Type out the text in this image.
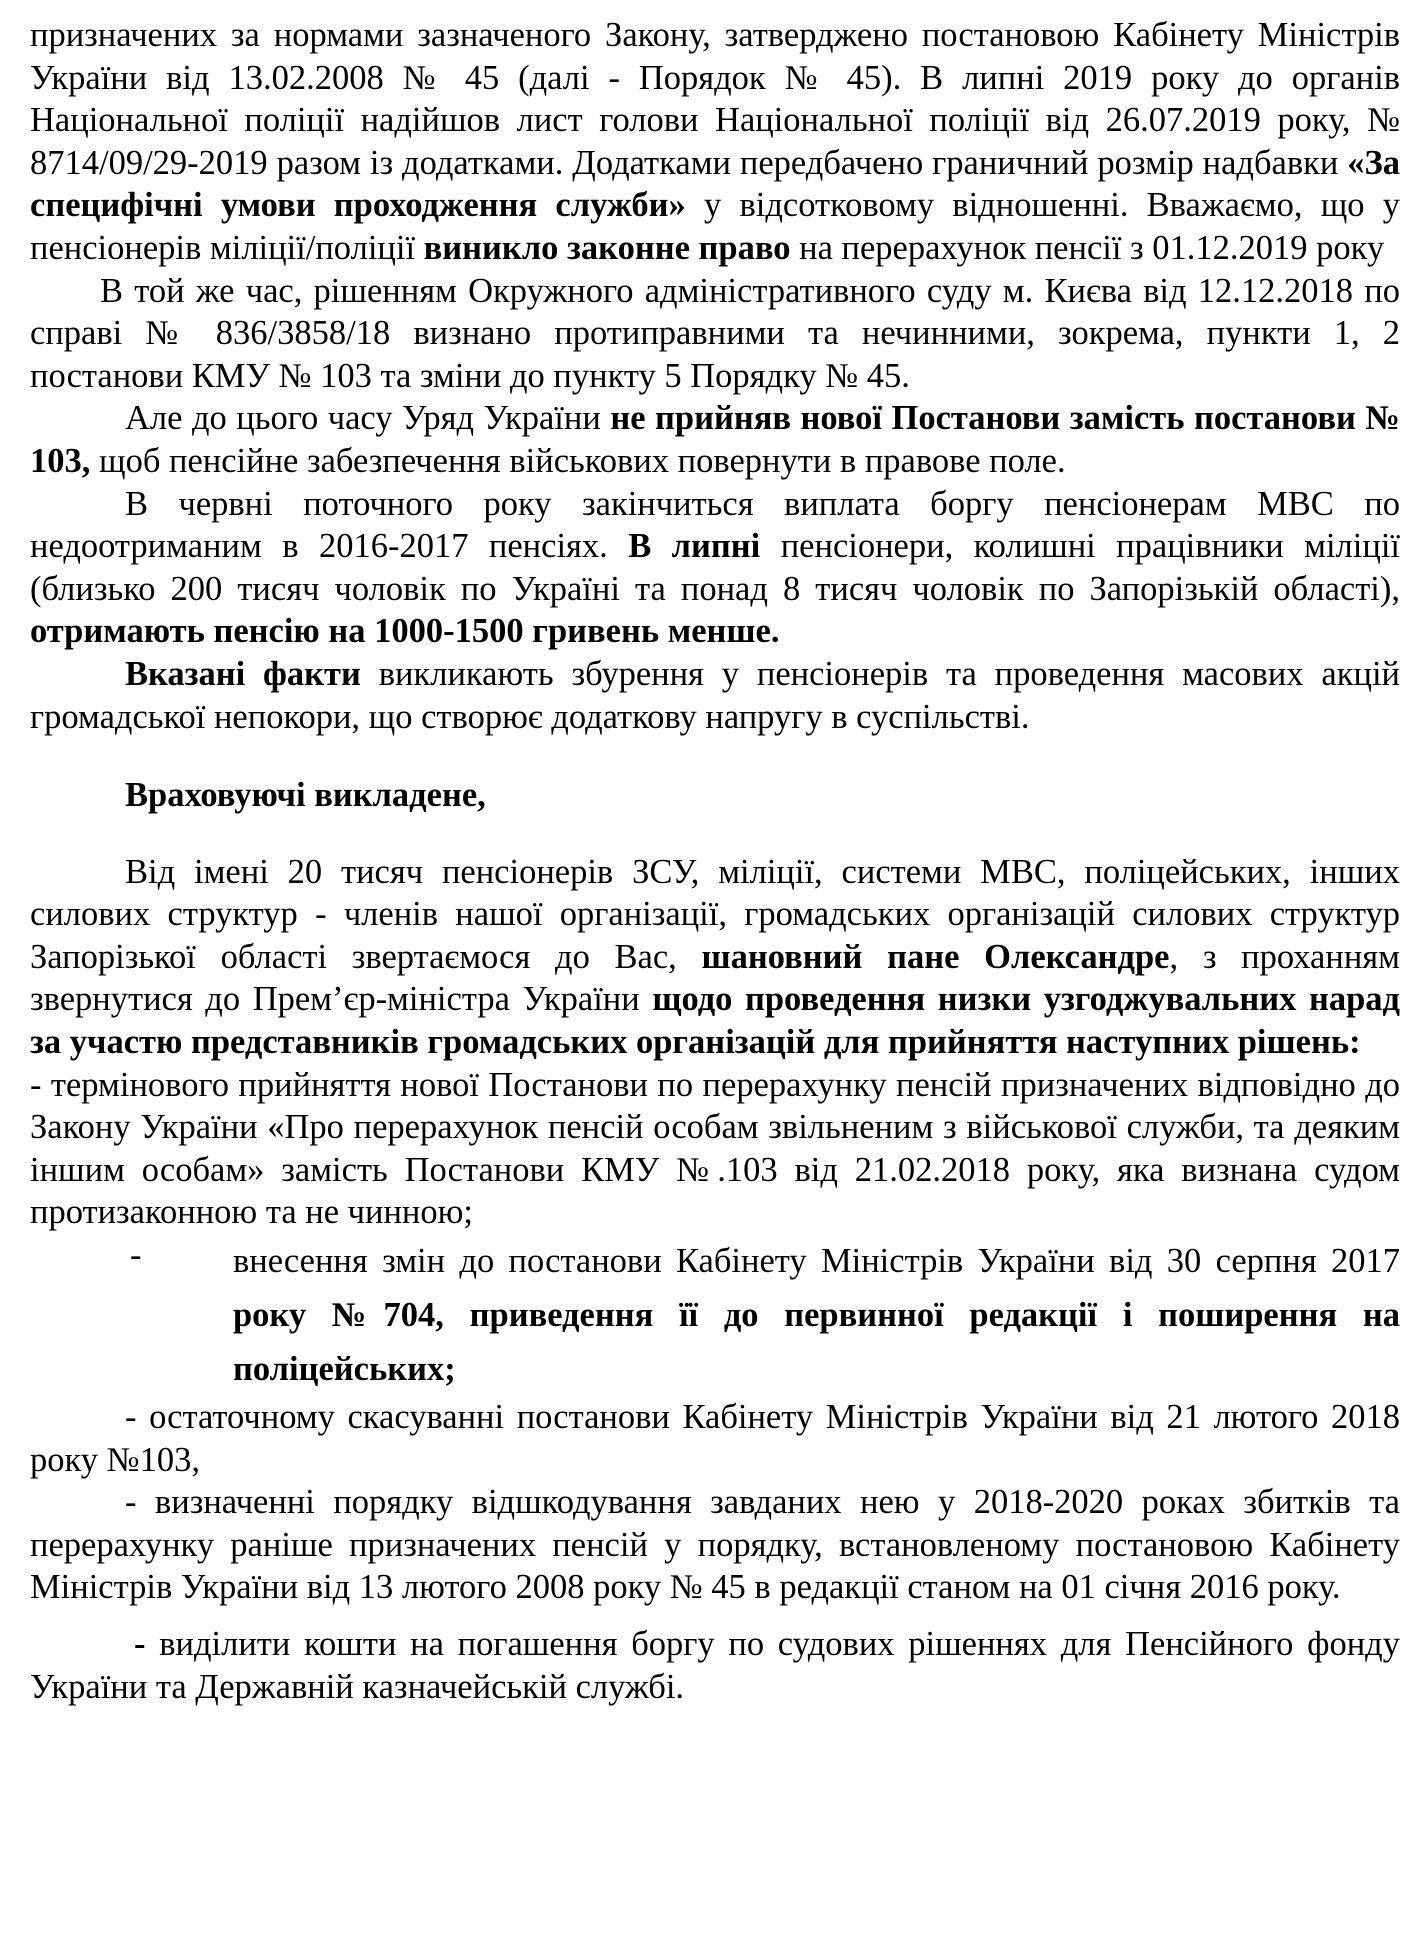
призначених за нормами зазначеного Закону, затверджено постановою Кабінету Міністрів України від 13.02.2008 № 45 (далі - Порядок № 45). В липні 2019 року до органів Національної поліції надійшов лист голови Національної поліції від 26.07.2019 року, № 8714/09/29-2019 разом із додатками. Додатками передбачено граничний розмір надбавки «За специфічні умови проходження служби» у відсотковому відношенні. Вважаємо, що у пенсіонерів міліції/поліції виникло законне право на перерахунок пенсії з 01.12.2019 року

В той же час, рішенням Окружного адміністративного суду м. Києва від 12.12.2018 по справі № 836/3858/18 визнано протиправними та нечинними, зокрема, пункти 1, 2 постанови КМУ № 103 та зміни до пункту 5 Порядку № 45.

Але до цього часу Уряд України не прийняв нової Постанови замість постанови № 103, щоб пенсійне забезпечення військових повернути в правове поле.

В червні поточного року закінчиться виплата боргу пенсіонерам МВС по недоотриманим в 2016-2017 пенсіях. В липні пенсіонери, колишні працівники міліції (близько 200 тисяч чоловік по Україні та понад 8 тисяч чоловік по Запорізькій області), отримають пенсію на 1000-1500 гривень менше.

Вказані факти викликають збурення у пенсіонерів та проведення масових акцій громадської непокори, що створює додаткову напругу в суспільстві.

Враховуючі викладене,

Від імені 20 тисяч пенсіонерів ЗСУ, міліції, системи МВС, поліцейських, інших силових структур - членів нашої організації, громадських організацій силових структур Запорізької області звертаємося до Вас, шановний пане Олександре, з проханням звернутися до Прем’єр-міністра України щодо проведення низки узгоджувальних нарад за участю представників громадських організацій для прийняття наступних рішень:

- термінового прийняття нової Постанови по перерахунку пенсій призначених відповідно до Закону України «Про перерахунок пенсій особам звільненим з військової служби, та деяким іншим особам» замість Постанови КМУ №.103 від 21.02.2018 року, яка визнана судом протизаконною та не чинною;

-	внесення змін до постанови Кабінету Міністрів України від 30 серпня 2017 року №704, приведення її до первинної редакції і поширення на поліцейських;

- остаточному скасуванні постанови Кабінету Міністрів України від 21 лютого 2018 року №103,

- визначенні порядку відшкодування завданих нею у 2018-2020 роках збитків та перерахунку раніше призначених пенсій у порядку, встановленому постановою Кабінету Міністрів України від 13 лютого 2008 року № 45 в редакції станом на 01 січня 2016 року.

- виділити кошти на погашення боргу по судових рішеннях для Пенсійного фонду України та Державній казначейській службі.
